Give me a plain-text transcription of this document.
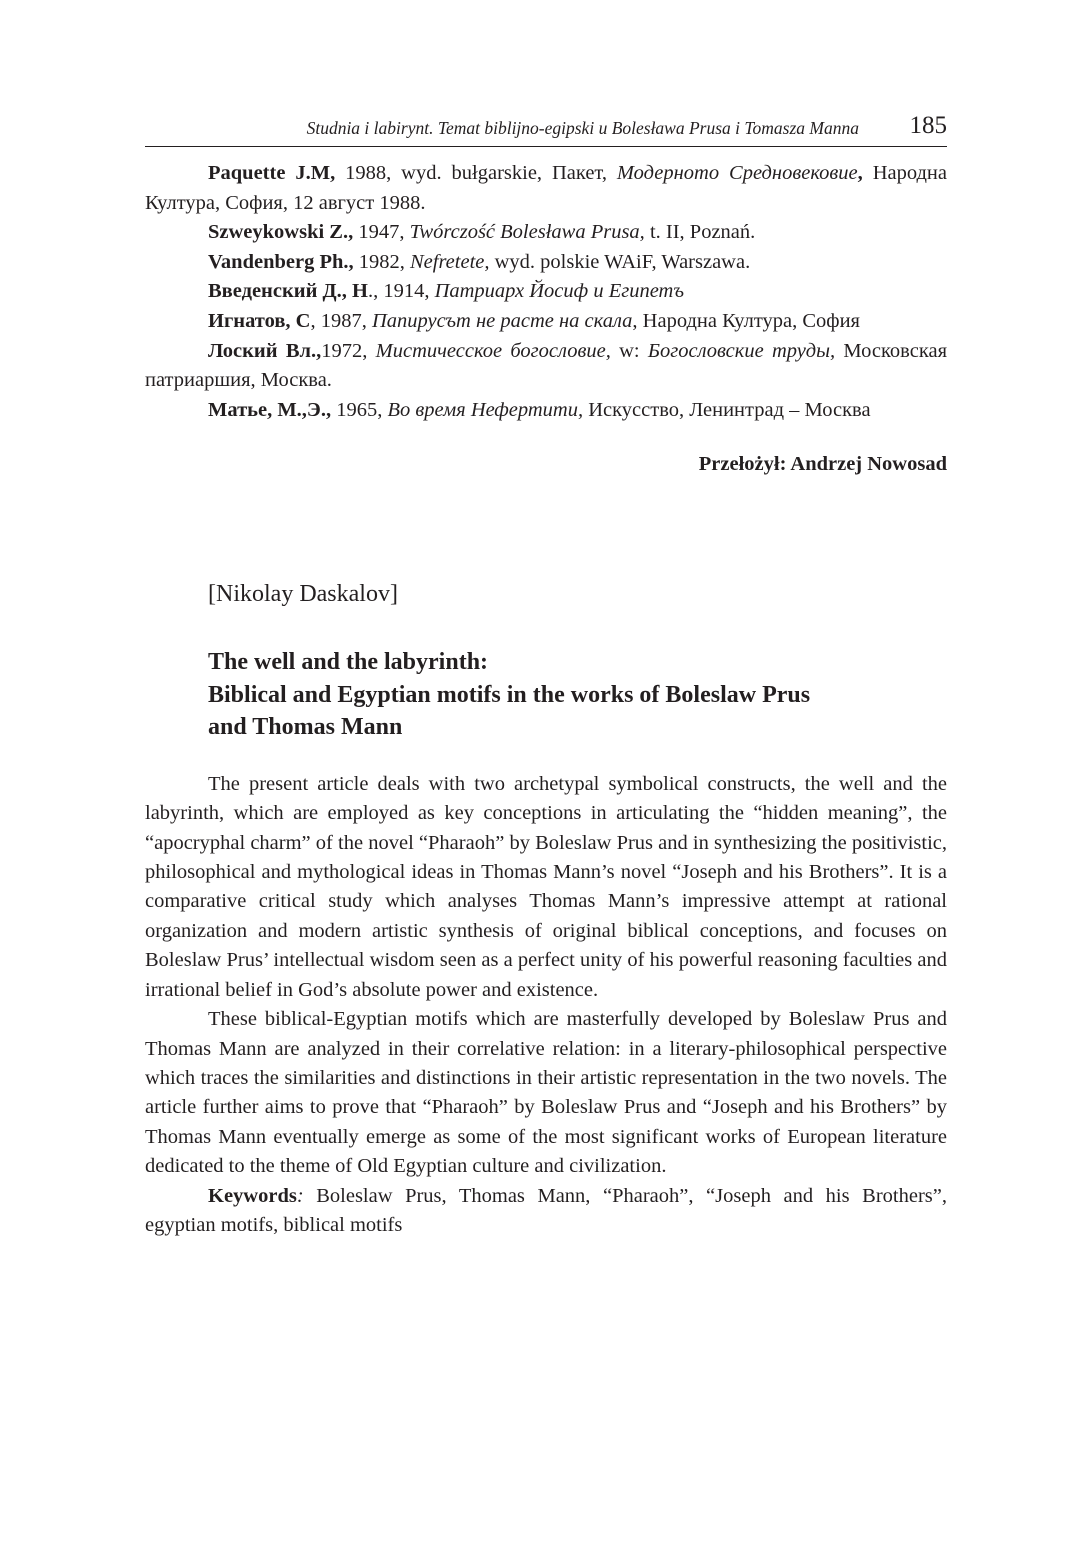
Studnia i labirynt. Temat biblijno-egipski u Bolesława Prusa i Tomasza Manna 185

Paquette J.M, 1988, wyd. bułgarskie, Пакет, Модерното Средновековие, Народна Култура, София, 12 август 1988.

Szweykowski Z., 1947, Twórczość Bolesława Prusa, t. II, Poznań.

Vandenberg Ph., 1982, Nefretete, wyd. polskie WAiF, Warszawa.

Введенский Д., Н., 1914, Патриарх Йосиф и Египетъ

Игнатов, С, 1987, Папирусът не расте на скала, Народна Култура, София

Лоский Вл.,1972, Мистичесское богословие, w: Богословские труды, Московская патриаршия, Москва.

Матье, М.,Э., 1965, Во время Нефертити, Искусство, Ленинтрад – Москва

Przełożył: Andrzej Nowosad
[Nikolay Daskalov]
The well and the labyrinth:
Biblical and Egyptian motifs in the works of Boleslaw Prus
and Thomas Mann

The present article deals with two archetypal symbolical constructs, the well and the labyrinth, which are employed as key conceptions in articulating the “hidden meaning”, the “apocryphal charm” of the novel “Pharaoh” by Boleslaw Prus and in synthesizing the positivistic, philosophical and mythological ideas in Thomas Mann’s novel “Joseph and his Brothers”. It is a comparative critical study which analyses Thomas Mann’s impressive attempt at rational organization and modern artistic synthesis of original biblical conceptions, and focuses on Boleslaw Prus’ intellectual wisdom seen as a perfect unity of his powerful reasoning faculties and irrational belief in God’s absolute power and existence.

These biblical-Egyptian motifs which are masterfully developed by Boleslaw Prus and Thomas Mann are analyzed in their correlative relation: in a literary-philosophical perspective which traces the similarities and distinctions in their artistic representation in the two novels. The article further aims to prove that “Pharaoh” by Boleslaw Prus and “Joseph and his Brothers” by Thomas Mann eventually emerge as some of the most significant works of European literature dedicated to the theme of Old Egyptian culture and civilization.

Keywords: Boleslaw Prus, Thomas Mann, “Pharaoh”, “Joseph and his Brothers”, egyptian motifs, biblical motifs
